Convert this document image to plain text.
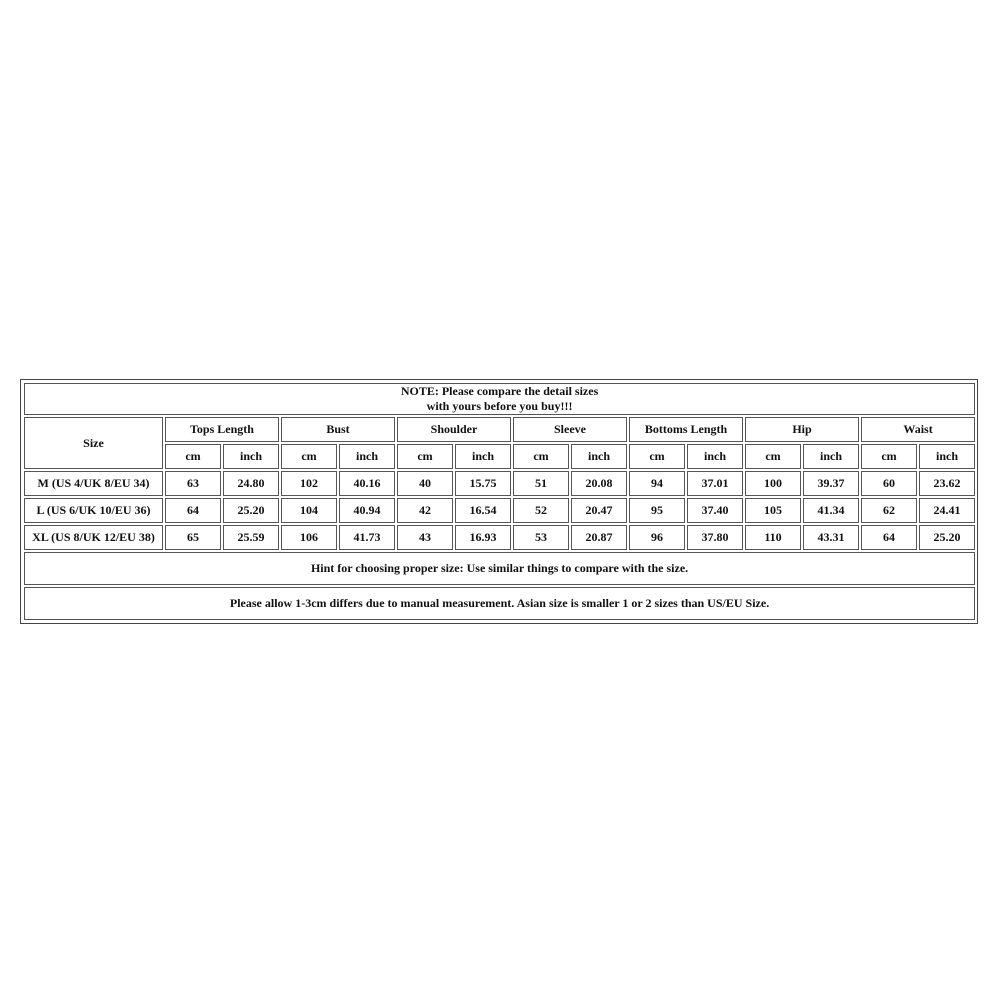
NOTE: Please compare the detail sizes
with yours before you buy!!!														

Size	Tops Length		Bust		Shoulder		Sleeve		Bottoms Length		Hip		Waist	
	cm	inch	cm	inch	cm	inch	cm	inch	cm	inch	cm	inch	cm	inch
M (US 4/UK 8/EU 34)	63	24.80	102	40.16	40	15.75	51	20.08	94	37.01	100	39.37	60	23.62
L (US 6/UK 10/EU 36)	64	25.20	104	40.94	42	16.54	52	20.47	95	37.40	105	41.34	62	24.41
XL (US 8/UK 12/EU 38)	65	25.59	106	41.73	43	16.93	53	20.87	96	37.80	110	43.31	64	25.20
Hint for choosing proper size: Use similar things to compare with the size.														
Please allow 1-3cm differs due to manual measurement. Asian size is smaller 1 or 2 sizes than US/EU Size.														
